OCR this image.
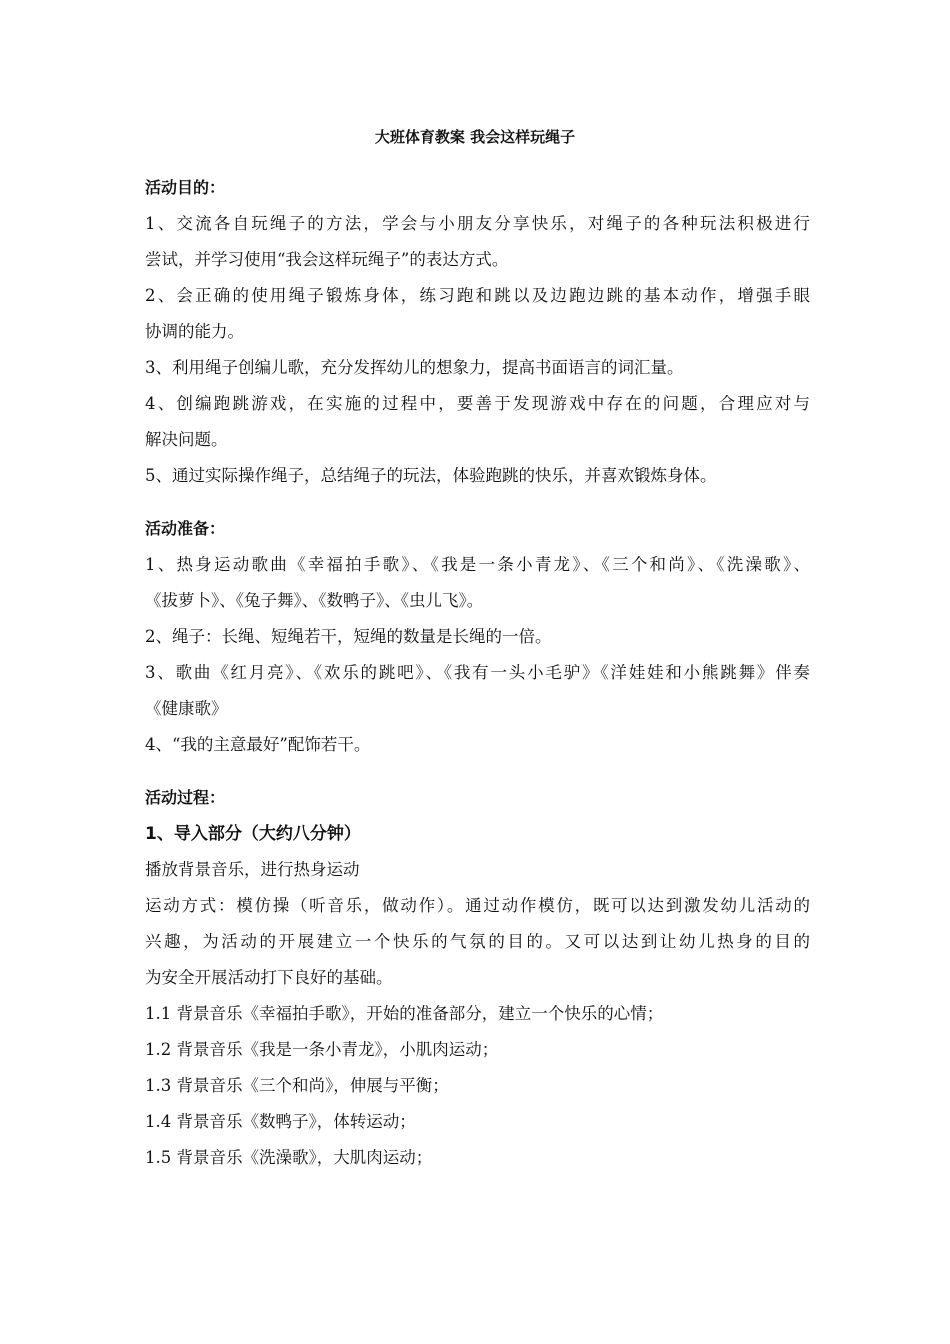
大班体育教案 我会这样玩绳子
活动目的：
1、交流各自玩绳子的方法，学会与小朋友分享快乐，对绳子的各种玩法积极进行
尝试，并学习使用“我会这样玩绳子”的表达方式。
2、会正确的使用绳子锻炼身体，练习跑和跳以及边跑边跳的基本动作，增强手眼
协调的能力。
3、利用绳子创编儿歌，充分发挥幼儿的想象力，提高书面语言的词汇量。
4、创编跑跳游戏，在实施的过程中，要善于发现游戏中存在的问题，合理应对与
解决问题。
5、通过实际操作绳子，总结绳子的玩法，体验跑跳的快乐，并喜欢锻炼身体。
活动准备：
1、热身运动歌曲《幸福拍手歌》、《我是一条小青龙》、《三个和尚》、《洗澡歌》、
《拔萝卜》、《兔子舞》、《数鸭子》、《虫儿飞》。
2、绳子：长绳、短绳若干，短绳的数量是长绳的一倍。
3、歌曲《红月亮》、《欢乐的跳吧》、《我有一头小毛驴》《洋娃娃和小熊跳舞》伴奏
《健康歌》
4、“我的主意最好”配饰若干。
活动过程：
1、导入部分（大约八分钟）
播放背景音乐，进行热身运动
运动方式：模仿操（听音乐，做动作）。通过动作模仿，既可以达到激发幼儿活动的
兴趣，为活动的开展建立一个快乐的气氛的目的。又可以达到让幼儿热身的目的
为安全开展活动打下良好的基础。
1.1 背景音乐《幸福拍手歌》，开始的准备部分，建立一个快乐的心情；
1.2 背景音乐《我是一条小青龙》，小肌肉运动；
1.3 背景音乐《三个和尚》，伸展与平衡；
1.4 背景音乐《数鸭子》，体转运动；
1.5 背景音乐《洗澡歌》，大肌肉运动；
